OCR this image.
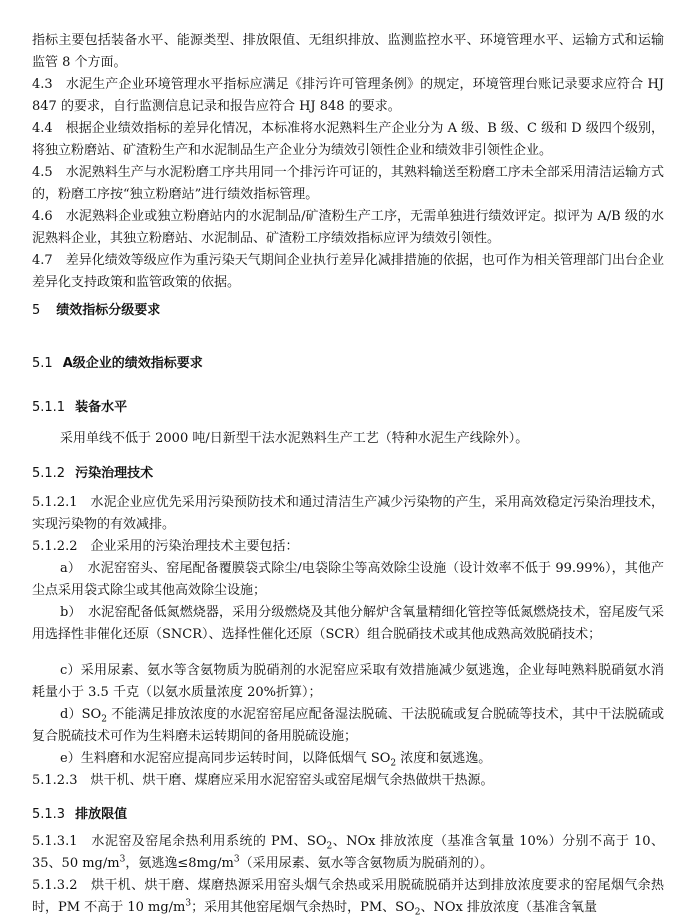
指标主要包括装备水平、能源类型、排放限值、无组织排放、监测监控水平、环境管理水平、运输方式和运输监管 8 个方面。

4.3　水泥生产企业环境管理水平指标应满足《排污许可管理条例》的规定，环境管理台账记录要求应符合 HJ 847 的要求，自行监测信息记录和报告应符合 HJ 848 的要求。

4.4　根据企业绩效指标的差异化情况，本标准将水泥熟料生产企业分为 A 级、B 级、C 级和 D 级四个级别，将独立粉磨站、矿渣粉生产和水泥制品生产企业分为绩效引领性企业和绩效非引领性企业。

4.5　水泥熟料生产与水泥粉磨工序共用同一个排污许可证的，其熟料输送至粉磨工序未全部采用清洁运输方式的，粉磨工序按“独立粉磨站”进行绩效指标管理。

4.6　水泥熟料企业或独立粉磨站内的水泥制品/矿渣粉生产工序，无需单独进行绩效评定。拟评为 A/B 级的水泥熟料企业，其独立粉磨站、水泥制品、矿渣粉工序绩效指标应评为绩效引领性。

4.7　差异化绩效等级应作为重污染天气期间企业执行差异化减排措施的依据，也可作为相关管理部门出台企业差异化支持政策和监管政策的依据。

5 绩效指标分级要求
5.1 A级企业的绩效指标要求
5.1.1 装备水平

采用单线不低于 2000 吨/日新型干法水泥熟料生产工艺（特种水泥生产线除外）。

5.1.2 污染治理技术

5.1.2.1　水泥企业应优先采用污染预防技术和通过清洁生产减少污染物的产生，采用高效稳定污染治理技术，实现污染物的有效减排。

5.1.2.2　企业采用的污染治理技术主要包括：

a）　水泥窑窑头、窑尾配备覆膜袋式除尘/电袋除尘等高效除尘设施（设计效率不低于 99.99%），其他产尘点采用袋式除尘或其他高效除尘设施；

b）　水泥窑配备低氮燃烧器，采用分级燃烧及其他分解炉含氧量精细化管控等低氮燃烧技术，窑尾废气采用选择性非催化还原（SNCR）、选择性催化还原（SCR）组合脱硝技术或其他成熟高效脱硝技术；

c）采用尿素、氨水等含氨物质为脱硝剂的水泥窑应采取有效措施减少氨逃逸，企业每吨熟料脱硝氨水消耗量小于 3.5 千克（以氨水质量浓度 20%折算）；

$d)SO_2$ 不能满足排放浓度的水泥窑窑尾应配备湿法脱硫、干法脱硫或复合脱硫等技术，其中干法脱硫或复合脱硫技术可作为生料磨未运转期间的备用脱硫设施；

e）生料磨和水泥窑应提高同步运转时间，以降低烟气 $SO_2$ 浓度和氨逃逸。

5.1.2.3　烘干机、烘干磨、煤磨应采用水泥窑窑头或窑尾烟气余热做烘干热源。

5.1.3 排放限值

5.1.3.1　水泥窑及窑尾余热利用系统的 PM、$SO_2$、NOx 排放浓度（基准含氧量 10%）分别不高于 10、35、50 $mg/m^3$，氨逃逸$\le 8mg/m^3$（采用尿素、氨水等含氨物质为脱硝剂的）。

5.1.3.2　烘干机、烘干磨、煤磨热源采用窑头烟气余热或采用脱硫脱硝并达到排放浓度要求的窑尾烟气余热时，PM 不高于 10 $mg/m^3$；采用其他窑尾烟气余热时，PM、$SO_2$、NOx 排放浓度（基准含氧量
